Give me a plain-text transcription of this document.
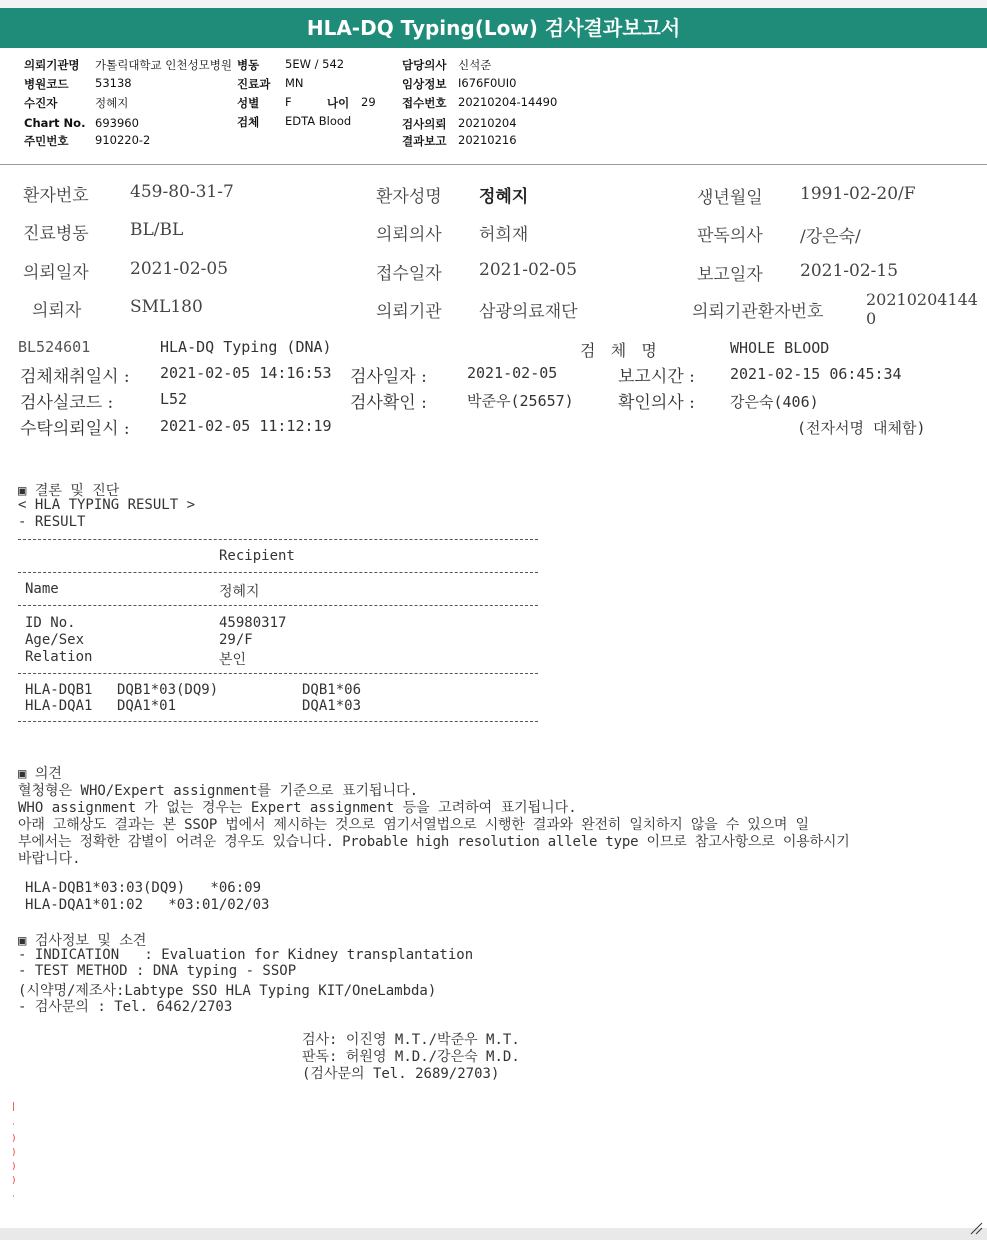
HLA-DQ Typing(Low) 검사결과보고서
의뢰기관명 가톨릭대학교 인천성모병원 병동 5EW / 542	담당의사 신석준
병원코드 53138	진료과 MN	임상정보 I676F0UI0
수진자	정혜지	성별 F	나이 29 접수번호 20210204-14490
Chart No. 693960	검체 EDTA Blood	검사의뢰 20210204
주민번호 910220-2	결과보고 20210216
환자번호 459-80-31-7	환자성명 정혜지	생년월일 1991-02-20/F
진료병동 BL/BL	의뢰의사 허희재	판독의사 /강은숙/
의뢰일자 2021-02-05	접수일자 2021-02-05	보고일자 2021-02-15
의뢰자	SML180	의뢰기관 삼광의료재단	의뢰기관환자번호
20210204144
0
BL524601	HLA-DQ Typing (DNA)	검   체   명	WHOLE BLOOD
검체채취일시 : 2021-02-05 14:16:53 검사일자 :	2021-02-05	보고시간 : 2021-02-15 06:45:34
검사실코드 :	L52	검사확인 :	박준우(25657)	확인의사 : 강은숙(406)
수탁의뢰일시 : 2021-02-05 11:12:19	(전자서명 대체함)
▣ 결론 및 진단
< HLA TYPING RESULT >
- RESULT
Recipient
Name	정혜지
ID No.	45980317
Age/Sex	29/F
Relation	본인
HLA-DQB1 DQB1*03(DQ9)	DQB1*06
HLA-DQA1 DQA1*01	DQA1*03
▣ 의견
혈청형은 WHO/Expert assignment를 기준으로 표기됩니다.
WHO assignment 가 없는 경우는 Expert assignment 등을 고려하여 표기됩니다.
아래 고해상도 결과는 본 SSOP 법에서 제시하는 것으로 염기서열법으로 시행한 결과와 완전히 일치하지 않을 수 있으며 일
부에서는 정확한 감별이 어려운 경우도 있습니다. Probable high resolution allele type 이므로 참고사항으로 이용하시기
바랍니다.
HLA-DQB1*03:03(DQ9)   *06:09
HLA-DQA1*01:02   *03:01/02/03
▣ 검사정보 및 소견
- INDICATION   : Evaluation for Kidney transplantation
- TEST METHOD : DNA typing - SSOP
(시약명/제조사:Labtype SSO HLA Typing KIT/OneLambda)
- 검사문의 : Tel. 6462/2703
검사: 이진영 M.T./박준우 M.T.
판독: 허원영 M.D./강은숙 M.D.
(검사문의 Tel. 2689/2703)
|
·
)
)
)
)
·
